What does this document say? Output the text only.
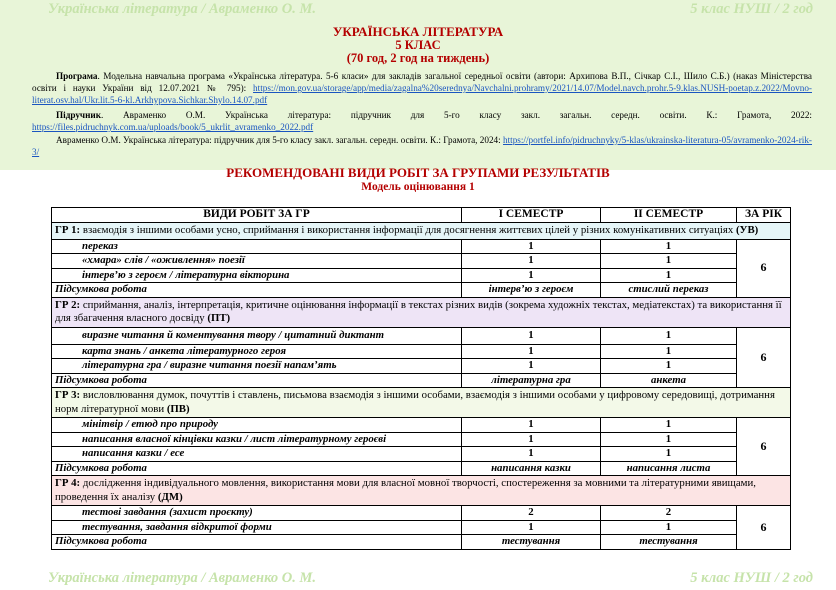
Українська література / Авраменко О. М.	5 клас НУШ / 2 год
УКРАЇНСЬКА ЛІТЕРАТУРА
5 КЛАС
(70 год, 2 год на тиждень)
Програма. Модельна навчальна програма «Українська література. 5-6 класи» для закладів загальної середньої освіти (автори: Архипова В.П., Січкар С.І., Шило С.Б.) (наказ Міністерства освіти і науки України від 12.07.2021 № 795): https://mon.gov.ua/storage/app/media/zagalna%20serednya/Navchalni.prohramy/2021/14.07/Model.navch.prohr.5-9.klas.NUSH-poetap.z.2022/Movno-literat.osv.hal/Ukr.lit.5-6-kl.Arkhypova.Sichkar.Shylo.14.07.pdf
Підручник. Авраменко О.М. Українська література: підручник для 5-го класу закл. загальн. середн. освіти. К.: Грамота, 2022: https://files.pidruchnyk.com.ua/uploads/book/5_ukrlit_avramenko_2022.pdf
Авраменко О.М. Українська література: підручник для 5-го класу закл. загальн. середн. освіти. К.: Грамота, 2024: https://portfel.info/pidruchnyky/5-klas/ukrainska-literatura-05/avramenko-2024-rik-3/
РЕКОМЕНДОВАНІ ВИДИ РОБІТ ЗА ГРУПАМИ РЕЗУЛЬТАТІВ
Модель оцінювання 1
ВИДИ РОБІТ ЗА ГР	І СЕМЕСТР	ІІ СЕМЕСТР	ЗА РІК
ГР 1: взаємодія з іншими особами усно, сприймання і використання інформації для досягнення життєвих цілей у різних комунікативних ситуаціях (УВ)			
переказ	1	1	6
«хмара» слів / «оживлення» поезії	1	1	
інтерв’ю з героєм / літературна вікторина	1	1	
Підсумкова робота	інтерв’ю з героєм	стислий переказ	
ГР 2: сприймання, аналіз, інтерпретація, критичне оцінювання інформації в текстах різних видів (зокрема художніх текстах, медіатекстах) та використання її для збагачення власного досвіду (ПТ)			
виразне читання й коментування твору / цитатний диктант	1	1	6
карта знань / анкета літературного героя	1	1	
літературна гра / виразне читання поезії напам’ять	1	1	
Підсумкова робота	літературна гра	анкета	
ГР 3: висловлювання думок, почуттів і ставлень, письмова взаємодія з іншими особами, взаємодія з іншими особами у цифровому середовищі, дотримання норм літературної мови (ПВ)			
мінітвір / етюд про природу	1	1	6
написання власної кінцівки казки / лист літературному героєві	1	1	
написання казки / есе	1	1	
Підсумкова робота	написання казки	написання листа	
ГР 4: дослідження індивідуального мовлення, використання мови для власної мовної творчості, спостереження за мовними та літературними явищами, проведення їх аналізу (ДМ)			
тестові завдання (захист проєкту)	2	2	6
тестування, завдання відкритої форми	1	1	
Підсумкова робота	тестування	тестування	
Українська література / Авраменко О. М.	5 клас НУШ / 2 год
